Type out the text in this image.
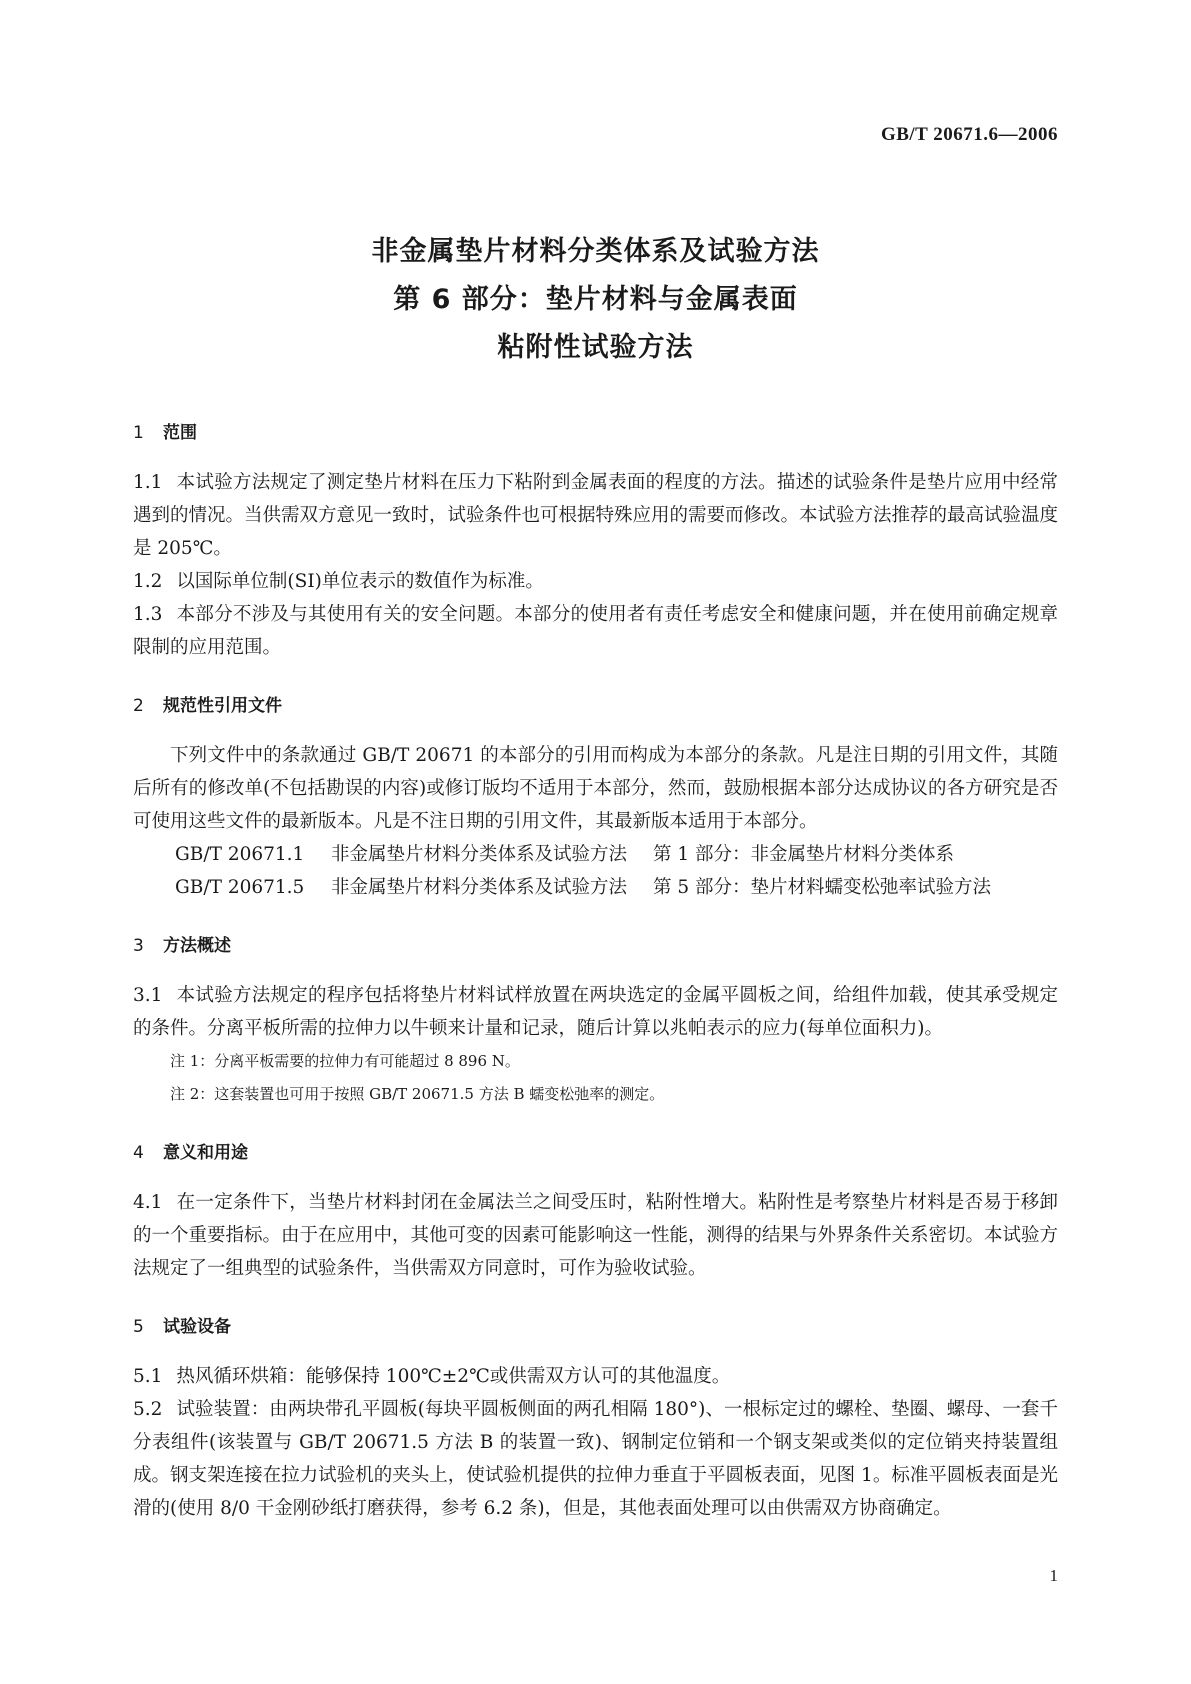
GB/T 20671.6—2006
非金属垫片材料分类体系及试验方法
第 6 部分：垫片材料与金属表面
粘附性试验方法
1 范围

1.1 本试验方法规定了测定垫片材料在压力下粘附到金属表面的程度的方法。描述的试验条件是垫片应用中经常遇到的情况。当供需双方意见一致时，试验条件也可根据特殊应用的需要而修改。本试验方法推荐的最高试验温度是 205℃。

1.2 以国际单位制(SI)单位表示的数值作为标准。

1.3 本部分不涉及与其使用有关的安全问题。本部分的使用者有责任考虑安全和健康问题，并在使用前确定规章限制的应用范围。

2 规范性引用文件

下列文件中的条款通过 GB/T 20671 的本部分的引用而构成为本部分的条款。凡是注日期的引用文件，其随后所有的修改单(不包括勘误的内容)或修订版均不适用于本部分，然而，鼓励根据本部分达成协议的各方研究是否可使用这些文件的最新版本。凡是不注日期的引用文件，其最新版本适用于本部分。

GB/T 20671.1 非金属垫片材料分类体系及试验方法 第 1 部分：非金属垫片材料分类体系

GB/T 20671.5 非金属垫片材料分类体系及试验方法 第 5 部分：垫片材料蠕变松弛率试验方法

3 方法概述

3.1 本试验方法规定的程序包括将垫片材料试样放置在两块选定的金属平圆板之间，给组件加载，使其承受规定的条件。分离平板所需的拉伸力以牛顿来计量和记录，随后计算以兆帕表示的应力(每单位面积力)。

注 1：分离平板需要的拉伸力有可能超过 8 896 N。

注 2：这套装置也可用于按照 GB/T 20671.5 方法 B 蠕变松弛率的测定。

4 意义和用途

4.1 在一定条件下，当垫片材料封闭在金属法兰之间受压时，粘附性增大。粘附性是考察垫片材料是否易于移卸的一个重要指标。由于在应用中，其他可变的因素可能影响这一性能，测得的结果与外界条件关系密切。本试验方法规定了一组典型的试验条件，当供需双方同意时，可作为验收试验。

5 试验设备

5.1 热风循环烘箱：能够保持 100℃±2℃或供需双方认可的其他温度。

5.2 试验装置：由两块带孔平圆板(每块平圆板侧面的两孔相隔 180°)、一根标定过的螺栓、垫圈、螺母、一套千分表组件(该装置与 GB/T 20671.5 方法 B 的装置一致)、钢制定位销和一个钢支架或类似的定位销夹持装置组成。钢支架连接在拉力试验机的夹头上，使试验机提供的拉伸力垂直于平圆板表面，见图 1。标准平圆板表面是光滑的(使用 8/0 干金刚砂纸打磨获得，参考 6.2 条)，但是，其他表面处理可以由供需双方协商确定。

1
